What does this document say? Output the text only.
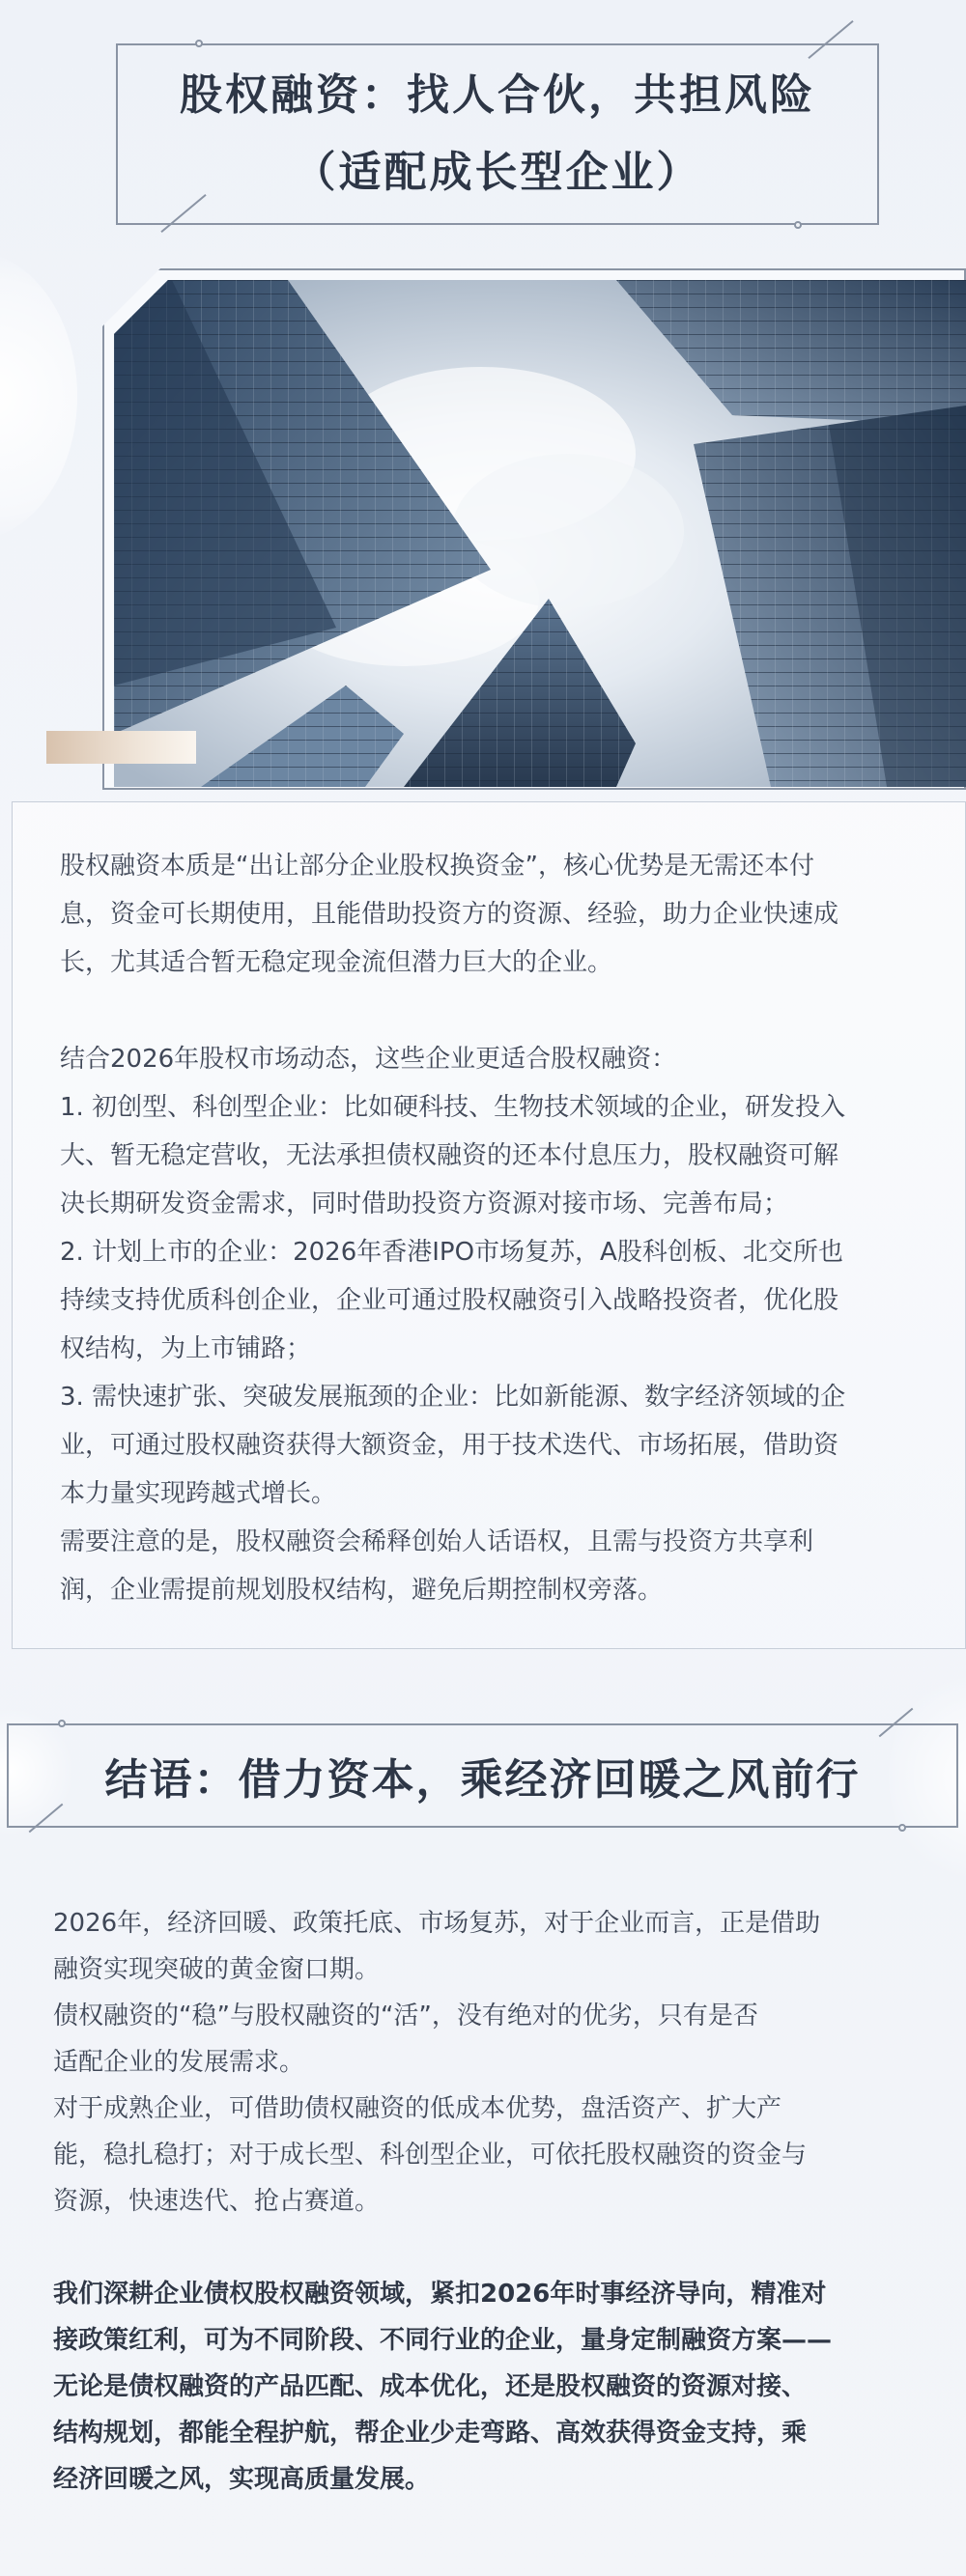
股权融资：找人合伙，共担风险
（适配成长型企业）

股权融资本质是“出让部分企业股权换资金”，核心优势是无需还本付

息，资金可长期使用，且能借助投资方的资源、经验，助力企业快速成

长，尤其适合暂无稳定现金流但潜力巨大的企业。

结合2026年股权市场动态，这些企业更适合股权融资：

1. 初创型、科创型企业：比如硬科技、生物技术领域的企业，研发投入

大、暂无稳定营收，无法承担债权融资的还本付息压力，股权融资可解

决长期研发资金需求，同时借助投资方资源对接市场、完善布局；

2. 计划上市的企业：2026年香港IPO市场复苏，A股科创板、北交所也

持续支持优质科创企业，企业可通过股权融资引入战略投资者，优化股

权结构，为上市铺路；

3. 需快速扩张、突破发展瓶颈的企业：比如新能源、数字经济领域的企

业，可通过股权融资获得大额资金，用于技术迭代、市场拓展，借助资

本力量实现跨越式增长。

需要注意的是，股权融资会稀释创始人话语权，且需与投资方共享利

润，企业需提前规划股权结构，避免后期控制权旁落。

结语：借力资本，乘经济回暖之风前行

2026年，经济回暖、政策托底、市场复苏，对于企业而言，正是借助

融资实现突破的黄金窗口期。

债权融资的“稳”与股权融资的“活”，没有绝对的优劣，只有是否

适配企业的发展需求。

对于成熟企业，可借助债权融资的低成本优势，盘活资产、扩大产

能，稳扎稳打；对于成长型、科创型企业，可依托股权融资的资金与

资源，快速迭代、抢占赛道。

我们深耕企业债权股权融资领域，紧扣2026年时事经济导向，精准对

接政策红利，可为不同阶段、不同行业的企业，量身定制融资方案——

无论是债权融资的产品匹配、成本优化，还是股权融资的资源对接、

结构规划，都能全程护航，帮企业少走弯路、高效获得资金支持，乘

经济回暖之风，实现高质量发展。
